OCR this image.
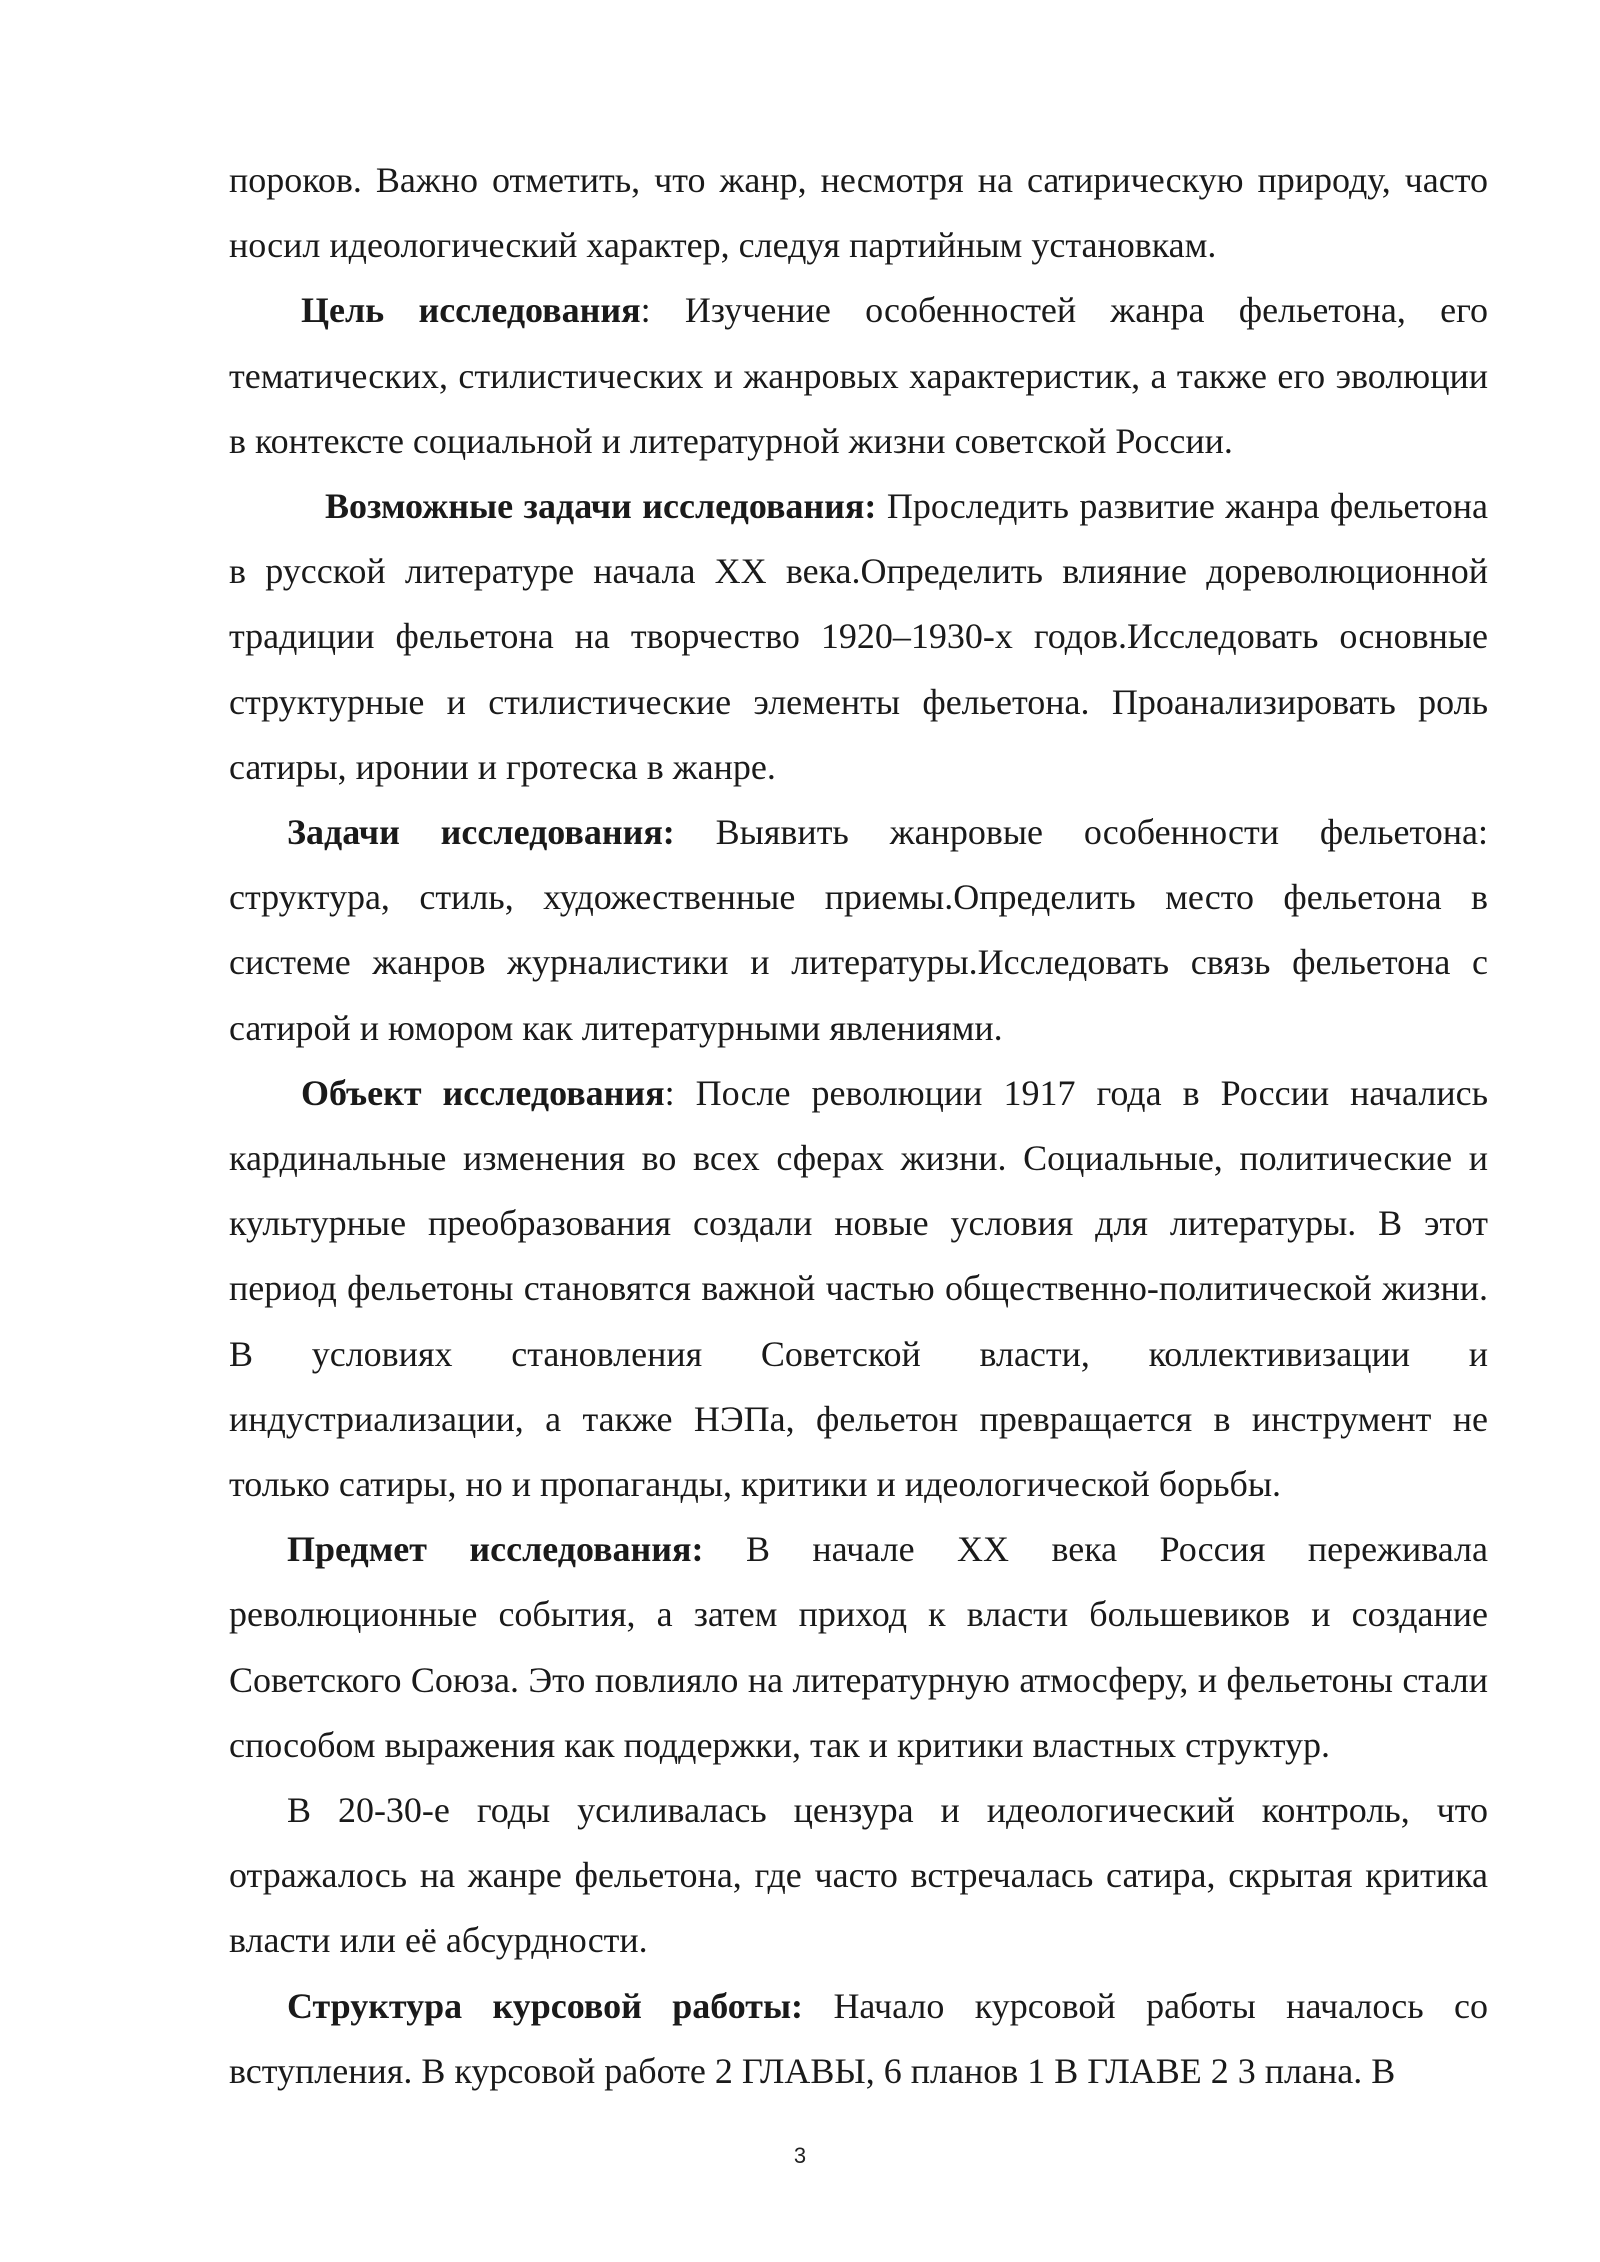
пороков. Важно отметить, что жанр, несмотря на сатирическую природу, часто носил идеологический характер, следуя партийным установкам.

Цель исследования: Изучение особенностей жанра фельетона, его тематических, стилистических и жанровых характеристик, а также его эволюции в контексте социальной и литературной жизни советской России.

Возможные задачи исследования: Проследить развитие жанра фельетона в русской литературе начала XX века.Определить влияние дореволюционной традиции фельетона на творчество 1920–1930-х годов.Исследовать основные структурные и стилистические элементы фельетона. Проанализировать роль сатиры, иронии и гротеска в жанре.

Задачи исследования: Выявить жанровые особенности фельетона: структура, стиль, художественные приемы.Определить место фельетона в системе жанров журналистики и литературы.Исследовать связь фельетона с сатирой и юмором как литературными явлениями.

Объект исследования: После революции 1917 года в России начались кардинальные изменения во всех сферах жизни. Социальные, политические и культурные преобразования создали новые условия для литературы. В этот период фельетоны становятся важной частью общественно-политической жизни. В условиях становления Советской власти, коллективизации и индустриализации, а также НЭПа, фельетон превращается в инструмент не только сатиры, но и пропаганды, критики и идеологической борьбы.

Предмет исследования: В начале XX века Россия переживала революционные события, а затем приход к власти большевиков и создание Советского Союза. Это повлияло на литературную атмосферу, и фельетоны стали способом выражения как поддержки, так и критики властных структур.

В 20-30-е годы усиливалась цензура и идеологический контроль, что отражалось на жанре фельетона, где часто встречалась сатира, скрытая критика власти или её абсурдности.

Структура курсовой работы: Начало курсовой работы началось со вступления. В курсовой работе 2 ГЛАВЫ, 6 планов 1 В ГЛАВЕ 2 3 плана. В

3
